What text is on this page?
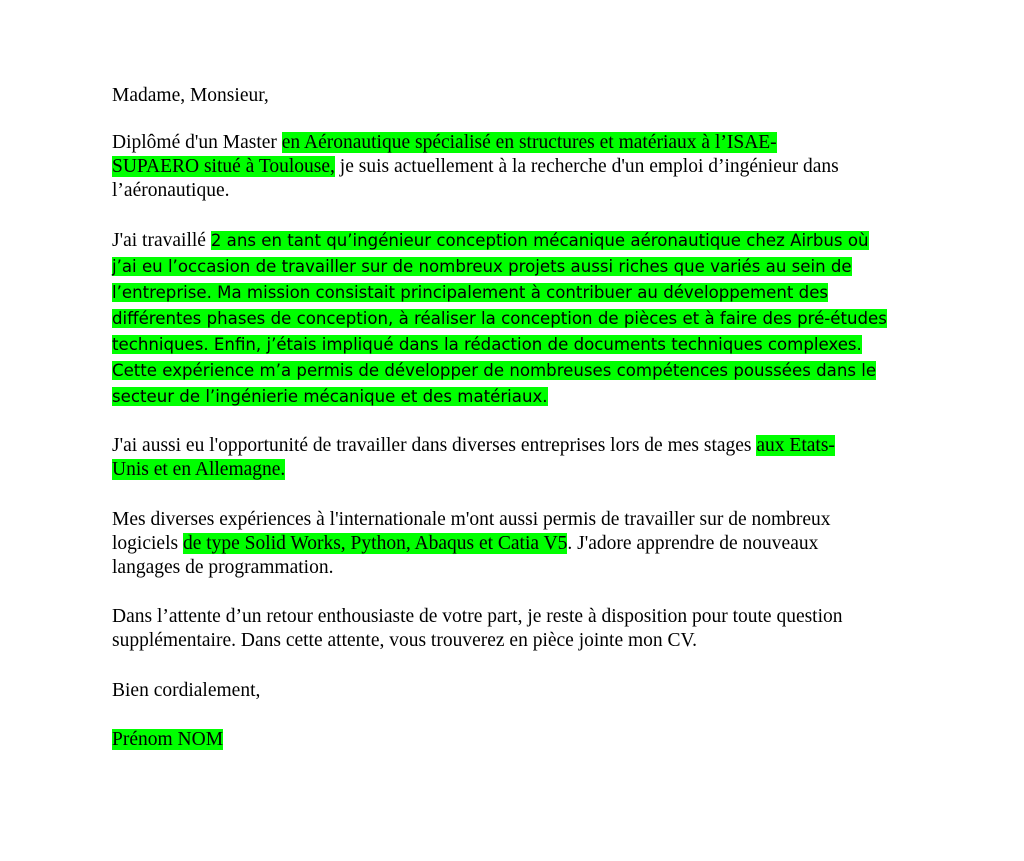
Madame, Monsieur,
Diplômé d'un Master en Aéronautique spécialisé en structures et matériaux à l’ISAE-
SUPAERO situé à Toulouse, je suis actuellement à la recherche d'un emploi d’ingénieur dans
l’aéronautique.
J'ai travaillé 2 ans en tant qu’ingénieur conception mécanique aéronautique chez Airbus où
j’ai eu l’occasion de travailler sur de nombreux projets aussi riches que variés au sein de
l’entreprise. Ma mission consistait principalement à contribuer au développement des
différentes phases de conception, à réaliser la conception de pièces et à faire des pré-études
techniques. Enfin, j’étais impliqué dans la rédaction de documents techniques complexes.
Cette expérience m’a permis de développer de nombreuses compétences poussées dans le
secteur de l’ingénierie mécanique et des matériaux.
J'ai aussi eu l'opportunité de travailler dans diverses entreprises lors de mes stages aux Etats-
Unis et en Allemagne.
Mes diverses expériences à l'internationale m'ont aussi permis de travailler sur de nombreux
logiciels de type Solid Works, Python, Abaqus et Catia V5. J'adore apprendre de nouveaux
langages de programmation.
Dans l’attente d’un retour enthousiaste de votre part, je reste à disposition pour toute question
supplémentaire. Dans cette attente, vous trouverez en pièce jointe mon CV.
Bien cordialement,
Prénom NOM
